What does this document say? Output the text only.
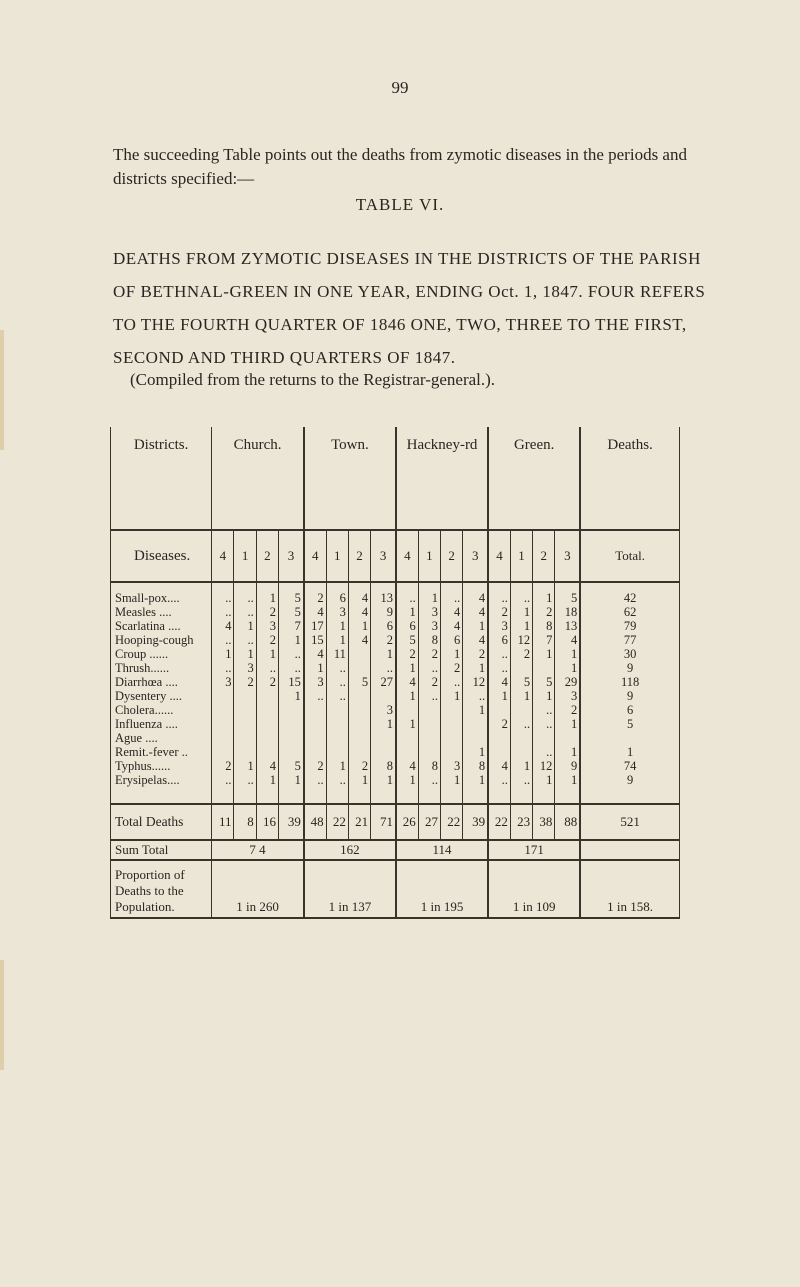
99
The succeeding Table points out the deaths from zymotic diseases in the periods and districts specified:—
TABLE VI.
DEATHS FROM ZYMOTIC DISEASES IN THE DISTRICTS OF THE PARISH OF BETHNAL-GREEN IN ONE YEAR, ENDING Oct. 1, 1847. FOUR REFERS TO THE FOURTH QUARTER OF 1846 ONE, TWO, THREE TO THE FIRST, SECOND AND THIRD QUARTERS OF 1847.
(Compiled from the returns to the Registrar-general.).
Districts.	Church.				Town.				Hackney-rd				Green.				Deaths.
Diseases.	4	1	2	3	4	1	2	3	4	1	2	3	4	1	2	3	Total.
Small-pox....	..	..	1	5	2	6	4	13	..	1	..	4	..	..	1	5	42
Measles ....	..	..	2	5	4	3	4	9	1	3	4	4	2	1	2	18	62
Scarlatina ....	4	1	3	7	17	1	1	6	6	3	4	1	3	1	8	13	79
Hooping-cough	..	..	2	1	15	1	4	2	5	8	6	4	6	12	7	4	77
Croup ......	1	1	1	..	4	11		1	2	2	1	2	..	2	1	1	30
Thrush......	..	3	..	..	1	..		..	1	..	2	1	..			1	9
Diarrhœa ....	3	2	2	15	3	..	5	27	4	2	..	12	4	5	5	29	118
Dysentery ....				1	..	..			1	..	1	..	1	1	1	3	9
Cholera......								3				1			..	2	6
Influenza ....								1	1				2	..	..	1	5
Ague ....																	
Remit.-fever ..												1			..	1	1
Typhus......	2	1	4	5	2	1	2	8	4	8	3	8	4	1	12	9	74
Erysipelas....	..	..	1	1	..	..	1	1	1	..	1	1	..	..	1	1	9
Total Deaths	11	8	16	39	48	22	21	71	26	27	22	39	22	23	38	88	521
Sum Total	7 4				162				114				171				
Proportion of Deaths to the Population.	1 in 260				1 in 137				1 in 195				1 in 109				1 in 158.
